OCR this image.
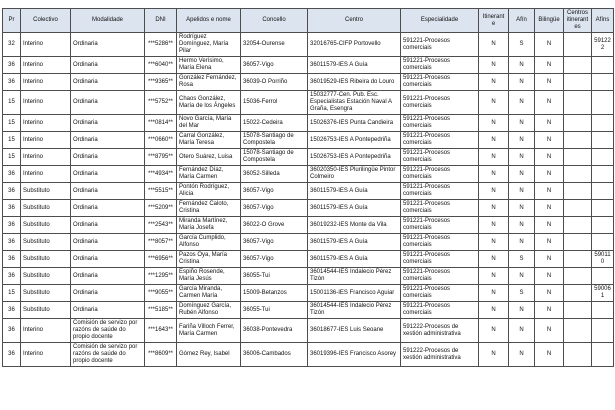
Pr	Colectivo	Modalidade	DNI	Apelidos e nome	Concello	Centro	Especialidade	Itinerante	Afín	Bilingüe	Centros itinerantes	Afíns
32	Interino	Ordinaria	***5286**	Rodríguez Domínguez, María Pilar	32054-Ourense	32016765-CIFP Portovello	591221-Procesos comerciais	N	S	N		591222
36	Interino	Ordinaria	***6040**	Hermo Verísimo, María Elena	36057-Vigo	36011579-IES A Guía	591221-Procesos comerciais	N	N	N		
36	Interino	Ordinaria	***9365**	González Fernández, Rosa	36039-O Porriño	36019529-IES Ribeira do Louro	591221-Procesos comerciais	N	N	N		
15	Interino	Ordinaria	***5752**	Chaos González, María de los Ángeles	15036-Ferrol	15032777-Cen. Pub. Esc. Especialistas Estación Naval A Graña, Esengra	591221-Procesos comerciais	N	N	N		
15	Interino	Ordinaria	***0814**	Novo García, María del Mar	15022-Cedeira	15026376-IES Punta Candieira	591221-Procesos comerciais	N	N	N		
15	Interino	Ordinaria	***0660**	Carral González, María Teresa	15078-Santiago de Compostela	15026753-IES A Pontepedriña	591221-Procesos comerciais	N	N	N		
15	Interino	Ordinaria	***8795**	Otero Suárez, Luisa	15078-Santiago de Compostela	15026753-IES A Pontepedriña	591221-Procesos comerciais	N	N	N		
36	Interino	Ordinaria	***4934**	Fernández Díaz, María Carmen	36052-Silleda	36020350-IES Plurilingüe Pintor Colmeiro	591221-Procesos comerciais	N	N	N		
36	Substituto	Ordinaria	***5515**	Pontón Rodríguez, Alicia	36057-Vigo	36011579-IES A Guía	591221-Procesos comerciais	N	N	N		
36	Substituto	Ordinaria	***5209**	Fernández Caloto, Cristina	36057-Vigo	36011579-IES A Guía	591221-Procesos comerciais	N	N	N		
36	Substituto	Ordinaria	***2543**	Miranda Martínez, María Josefa	36022-O Grove	36019232-IES Monte da Vila	591221-Procesos comerciais	N	N	N		
36	Substituto	Ordinaria	***8057**	García Cumplido, Alfonso	36057-Vigo	36011579-IES A Guía	591221-Procesos comerciais	N	N	N		
36	Substituto	Ordinaria	***6956**	Pazos Oya, María Cristina	36057-Vigo	36011579-IES A Guía	591221-Procesos comerciais	N	S	N		590110
36	Substituto	Ordinaria	***1295**	Espiño Rosende, María Jesús	36055-Tui	36014544-IES Indalecio Pérez Tizón	591221-Procesos comerciais	N	N	N		
15	Substituto	Ordinaria	***9055**	García Miranda, Carmen María	15009-Betanzos	15001136-IES Francisco Aguiar	591221-Procesos comerciais	N	S	N		590061
36	Substituto	Ordinaria	***5185**	Domínguez García, Rubén Alfonso	36055-Tui	36014544-IES Indalecio Pérez Tizón	591221-Procesos comerciais	N	N	N		
36	Interino	Comisión de servizo por razóns de saúde do propio docente	***1643**	Fariña Villoch Ferrer, María Carmen	36038-Pontevedra	36018677-IES Luis Seoane	591222-Procesos de xestión administrativa	N	N	N		
36	Interino	Comisión de servizo por razóns de saúde do propio docente	***8609**	Gómez Rey, Isabel	36006-Cambados	36019396-IES Francisco Asorey	591222-Procesos de xestión administrativa	N	N	N		
